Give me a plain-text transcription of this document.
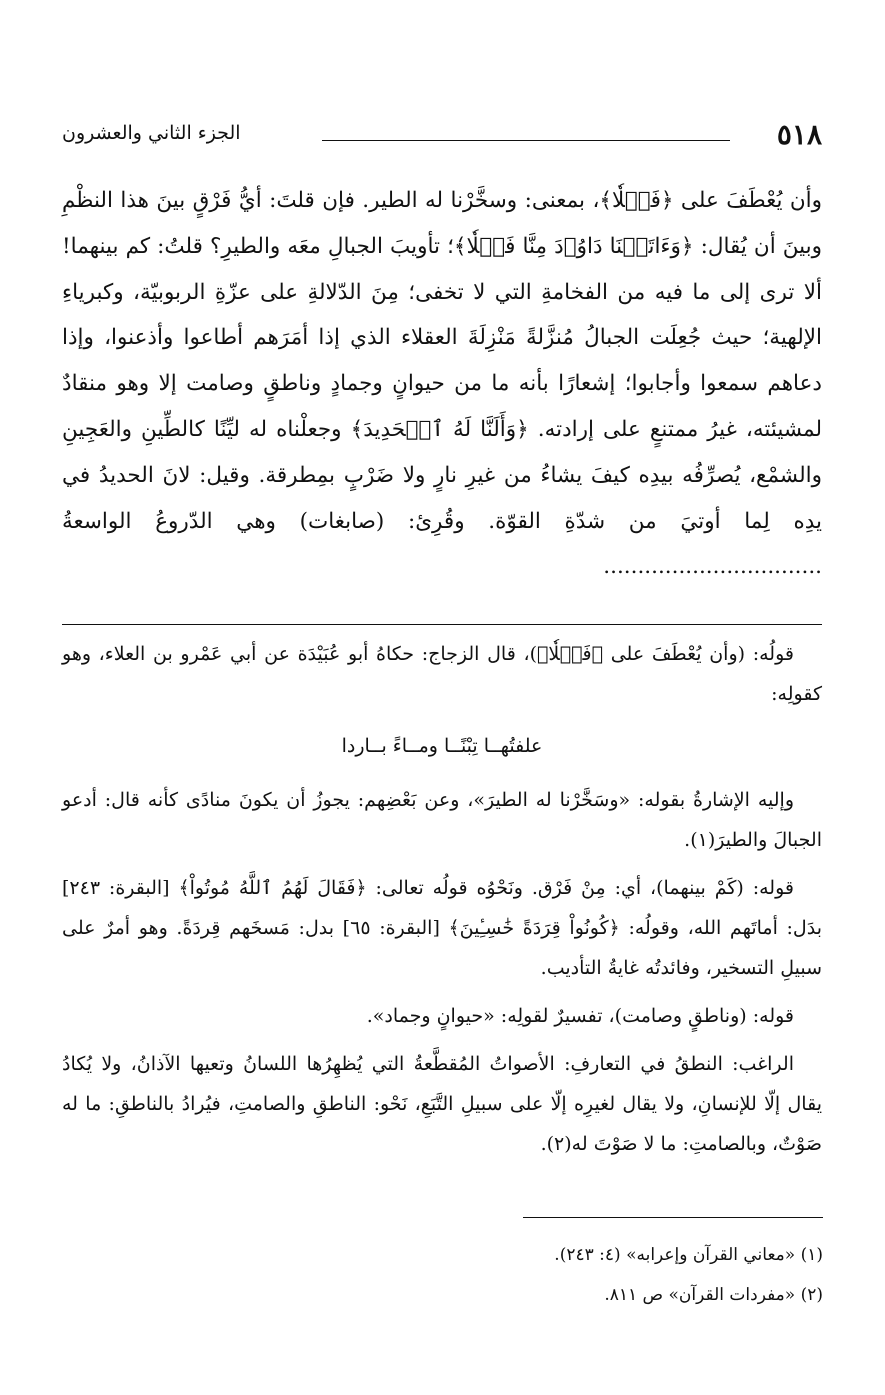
٥١٨
الجزء الثاني والعشرون

وأن يُعْطَفَ على ﴿فَضۡلٗا﴾، بمعنى: وسخَّرْنا له الطير. فإن قلتَ: أيُّ فَرْقٍ بينَ هذا النظْمِ وبينَ أن يُقال: ﴿وَءَاتَيۡنَا دَاوُۥدَ مِنَّا فَضۡلٗا﴾؛ تأويبَ الجبالِ معَه والطيرِ؟ قلتُ: كم بينهما! ألا ترى إلى ما فيه من الفخامةِ التي لا تخفى؛ مِنَ الدّلالةِ على عزّةِ الربوبيّة، وكبرياءِ الإلهية؛ حيث جُعِلَت الجبالُ مُنزَّلةً مَنْزِلَةَ العقلاء الذي إذا أمَرَهم أطاعوا وأذعنوا، وإذا دعاهم سمعوا وأجابوا؛ إشعارًا بأنه ما من حيوانٍ وجمادٍ وناطقٍ وصامت إلا وهو منقادٌ لمشيئته، غيرُ ممتنعٍ على إرادته. ﴿وَأَلَنَّا لَهُ ٱلۡحَدِيدَ﴾ وجعلْناه له ليِّنًا كالطِّينِ والعَجِينِ والشمْع، يُصرِّفُه بيدِه كيفَ يشاءُ من غيرِ نارٍ ولا ضَرْبٍ بمِطرقة. وقيل: لانَ الحديدُ في يدِه لِما أوتيَ من شدّةِ القوّة. وقُرِئ: (صابغات) وهي الدّروعُ الواسعةُ ................................

قولُه: (وأن يُعْطَفَ على ﴿فَضۡلٗا﴾)، قال الزجاج: حكاهُ أبو عُبَيْدَة عن أبي عَمْرو بن العلاء، وهو كقولِه:

علفتُهــا تِبْنًــا ومــاءً بــاردا

وإليه الإشارةُ بقوله: «وسَخَّرْنا له الطيرَ»، وعن بَعْضِهم: يجوزُ أن يكونَ منادًى كأنه قال: أدعو الجبالَ والطيرَ(١).

قوله: (كَمْ بينهما)، أي: مِنْ فَرْق. ونَحْوُه قولُه تعالى: ﴿فَقَالَ لَهُمُ ٱللَّهُ مُوتُواْ﴾ [البقرة: ٢٤٣] بدَل: أماتَهم الله، وقولُه: ﴿كُونُواْ قِرَدَةً خَٰسِـِٔينَ﴾ [البقرة: ٦٥] بدل: مَسخَهم قِردَةً. وهو أمرٌ على سبيلِ التسخير، وفائدتُه غايةُ التأديب.

قوله: (وناطقٍ وصامت)، تفسيرٌ لقولِه: «حيوانٍ وجماد».

الراغب: النطقُ في التعارفِ: الأصواتُ المُقطَّعةُ التي يُظهِرُها اللسانُ وتعيها الآذانُ، ولا يُكادُ يقال إلّا للإنسانِ، ولا يقال لغيرِه إلّا على سبيلِ التَّبَعِ، نَحْو: الناطقِ والصامتِ، فيُرادُ بالناطقِ: ما له صَوْتٌ، وبالصامتِ: ما لا صَوْتَ له(٢).

(١) «معاني القرآن وإعرابه» (٤: ٢٤٣).

(٢) «مفردات القرآن» ص ٨١١.
